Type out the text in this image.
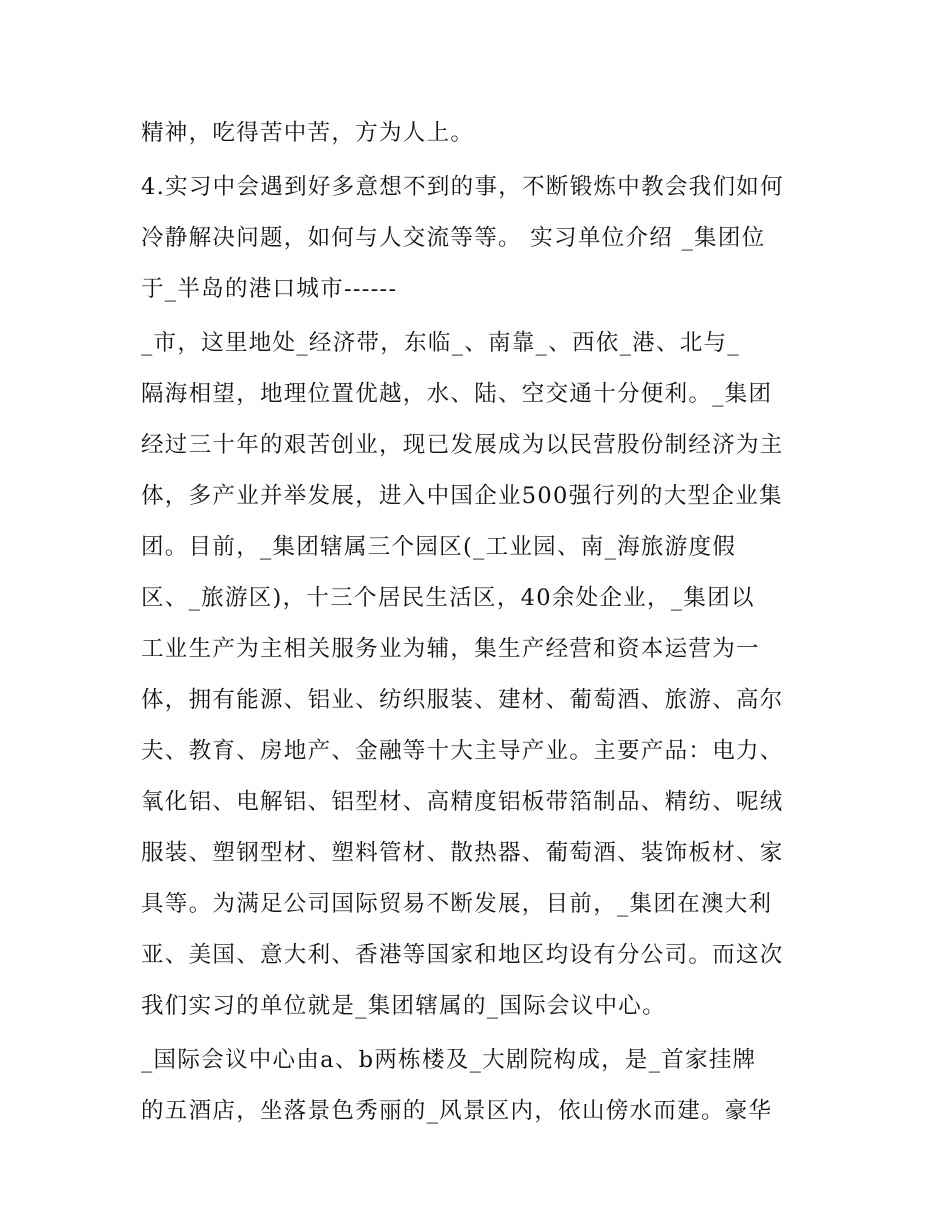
精神，吃得苦中苦，方为人上。
4.实习中会遇到好多意想不到的事，不断锻炼中教会我们如何
冷静解决问题，如何与人交流等等。 实习单位介绍 _集团位
于_半岛的港口城市------
_市，这里地处_经济带，东临_、南靠_、西依_港、北与_
隔海相望，地理位置优越，水、陆、空交通十分便利。_集团
经过三十年的艰苦创业，现已发展成为以民营股份制经济为主
体，多产业并举发展，进入中国企业500强行列的大型企业集
团。目前，_集团辖属三个园区(_工业园、南_海旅游度假
区、_旅游区)，十三个居民生活区，40余处企业，_集团以
工业生产为主相关服务业为辅，集生产经营和资本运营为一
体，拥有能源、铝业、纺织服装、建材、葡萄酒、旅游、高尔
夫、教育、房地产、金融等十大主导产业。主要产品：电力、
氧化铝、电解铝、铝型材、高精度铝板带箔制品、精纺、呢绒
服装、塑钢型材、塑料管材、散热器、葡萄酒、装饰板材、家
具等。为满足公司国际贸易不断发展，目前，_集团在澳大利
亚、美国、意大利、香港等国家和地区均设有分公司。而这次
我们实习的单位就是_集团辖属的_国际会议中心。
_国际会议中心由a、b两栋楼及_大剧院构成，是_首家挂牌
的五酒店，坐落景色秀丽的_风景区内，依山傍水而建。豪华
